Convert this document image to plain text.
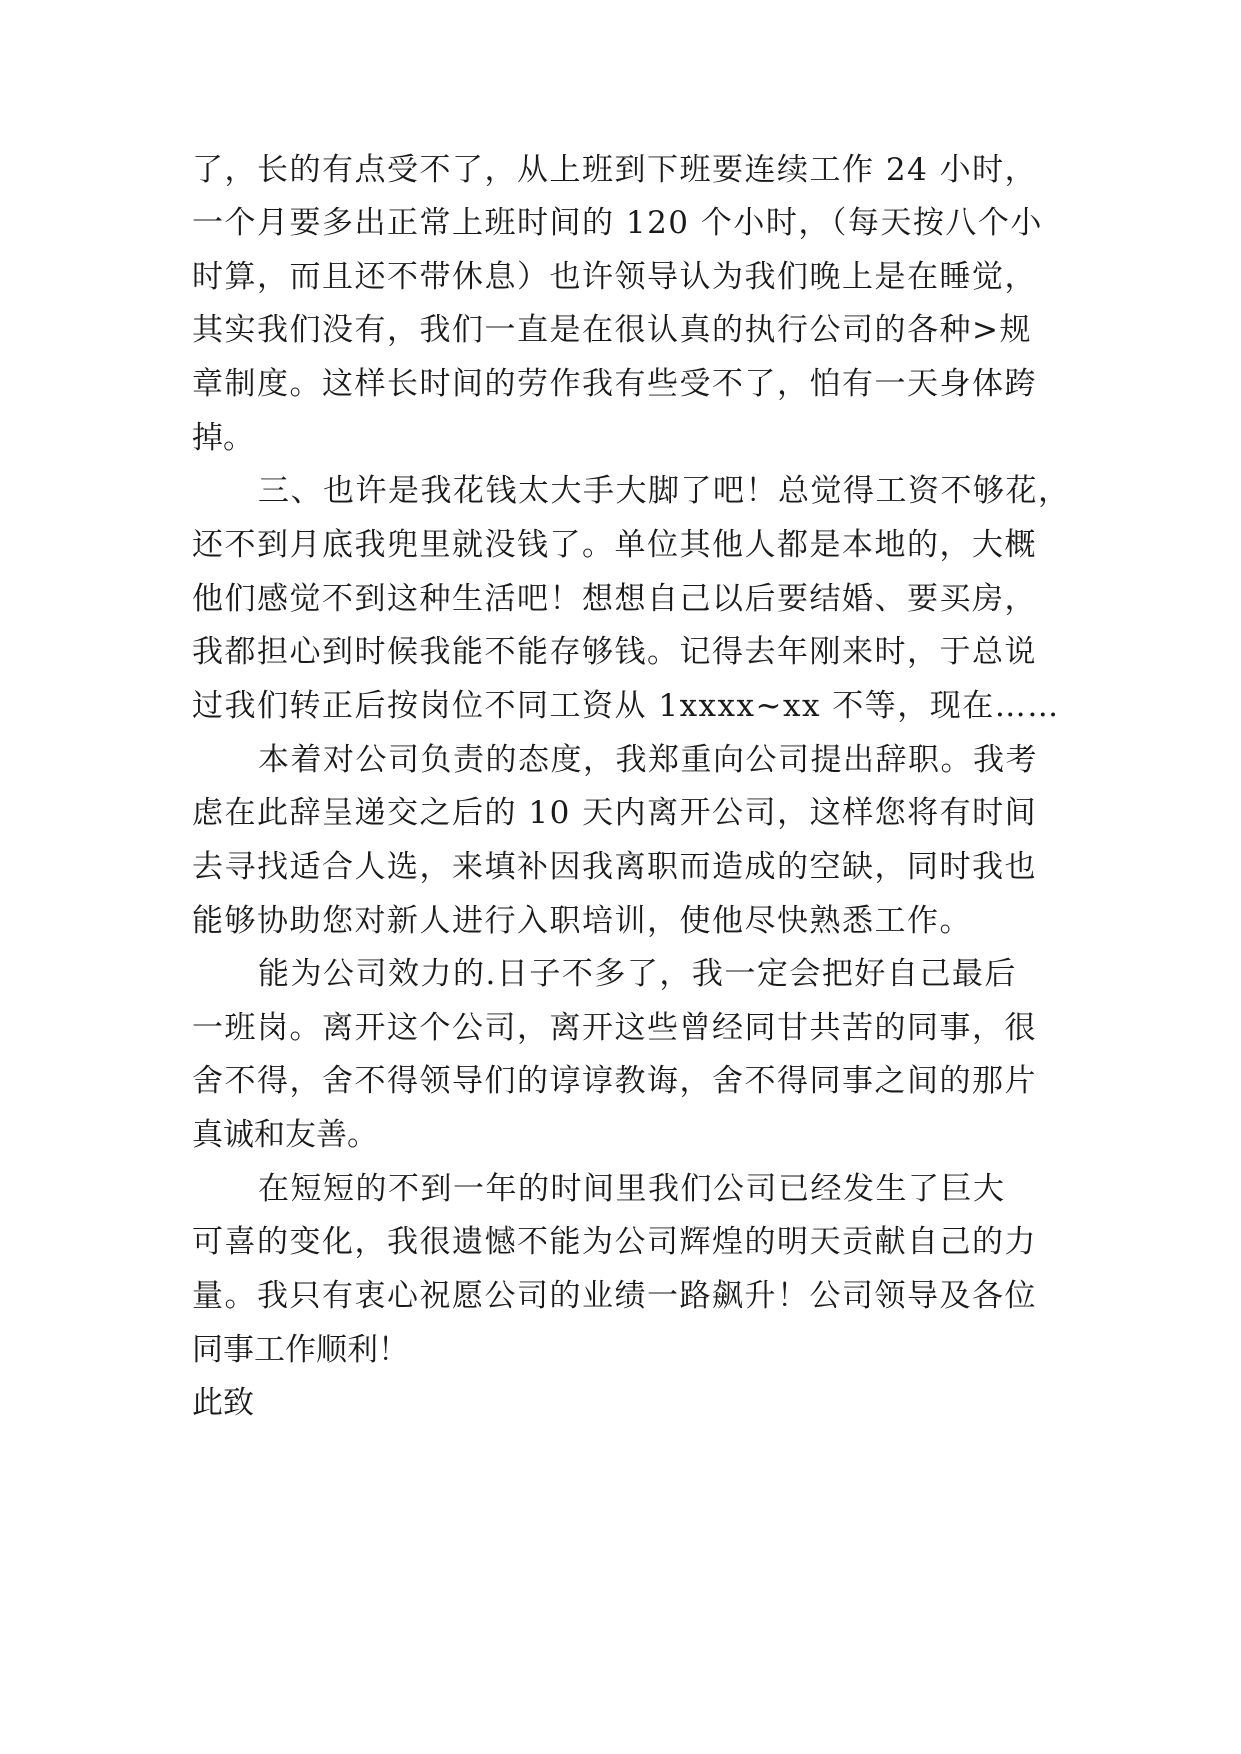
了，长的有点受不了，从上班到下班要连续工作 24 小时，
一个月要多出正常上班时间的 120 个小时，（每天按八个小
时算，而且还不带休息）也许领导认为我们晚上是在睡觉，
其实我们没有，我们一直是在很认真的执行公司的各种>规
章制度。这样长时间的劳作我有些受不了，怕有一天身体跨
掉。
三、也许是我花钱太大手大脚了吧！总觉得工资不够花，
还不到月底我兜里就没钱了。单位其他人都是本地的，大概
他们感觉不到这种生活吧！想想自己以后要结婚、要买房，
我都担心到时候我能不能存够钱。记得去年刚来时，于总说
过我们转正后按岗位不同工资从 1xxxx~xx 不等，现在……
本着对公司负责的态度，我郑重向公司提出辞职。我考
虑在此辞呈递交之后的 10 天内离开公司，这样您将有时间
去寻找适合人选，来填补因我离职而造成的空缺，同时我也
能够协助您对新人进行入职培训，使他尽快熟悉工作。
能为公司效力的.日子不多了，我一定会把好自己最后
一班岗。离开这个公司，离开这些曾经同甘共苦的同事，很
舍不得，舍不得领导们的谆谆教诲，舍不得同事之间的那片
真诚和友善。
在短短的不到一年的时间里我们公司已经发生了巨大
可喜的变化，我很遗憾不能为公司辉煌的明天贡献自己的力
量。我只有衷心祝愿公司的业绩一路飙升！公司领导及各位
同事工作顺利！
此致
